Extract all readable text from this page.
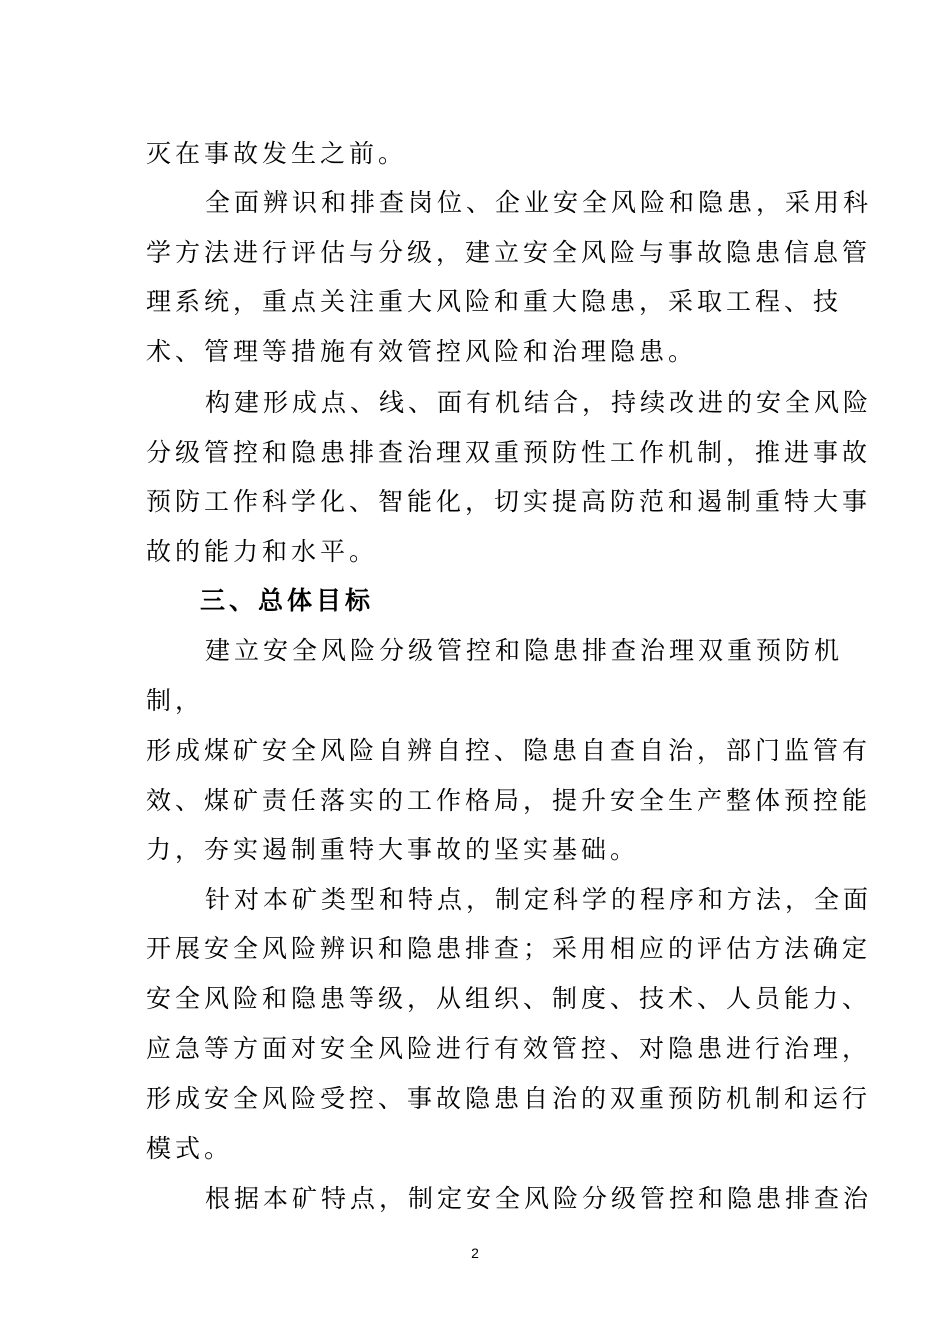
灭在事故发生之前。
全面辨识和排查岗位、企业安全风险和隐患，采用科
学方法进行评估与分级，建立安全风险与事故隐患信息管
理系统，重点关注重大风险和重大隐患，采取工程、技
术、管理等措施有效管控风险和治理隐患。
构建形成点、线、面有机结合，持续改进的安全风险
分级管控和隐患排查治理双重预防性工作机制，推进事故
预防工作科学化、智能化，切实提高防范和遏制重特大事
故的能力和水平。
三、总体目标
建立安全风险分级管控和隐患排查治理双重预防机
制，
形成煤矿安全风险自辨自控、隐患自查自治，部门监管有
效、煤矿责任落实的工作格局，提升安全生产整体预控能
力，夯实遏制重特大事故的坚实基础。
针对本矿类型和特点，制定科学的程序和方法，全面
开展安全风险辨识和隐患排查；采用相应的评估方法确定
安全风险和隐患等级，从组织、制度、技术、人员能力、
应急等方面对安全风险进行有效管控、对隐患进行治理，
形成安全风险受控、事故隐患自治的双重预防机制和运行
模式。
根据本矿特点，制定安全风险分级管控和隐患排查治
2
